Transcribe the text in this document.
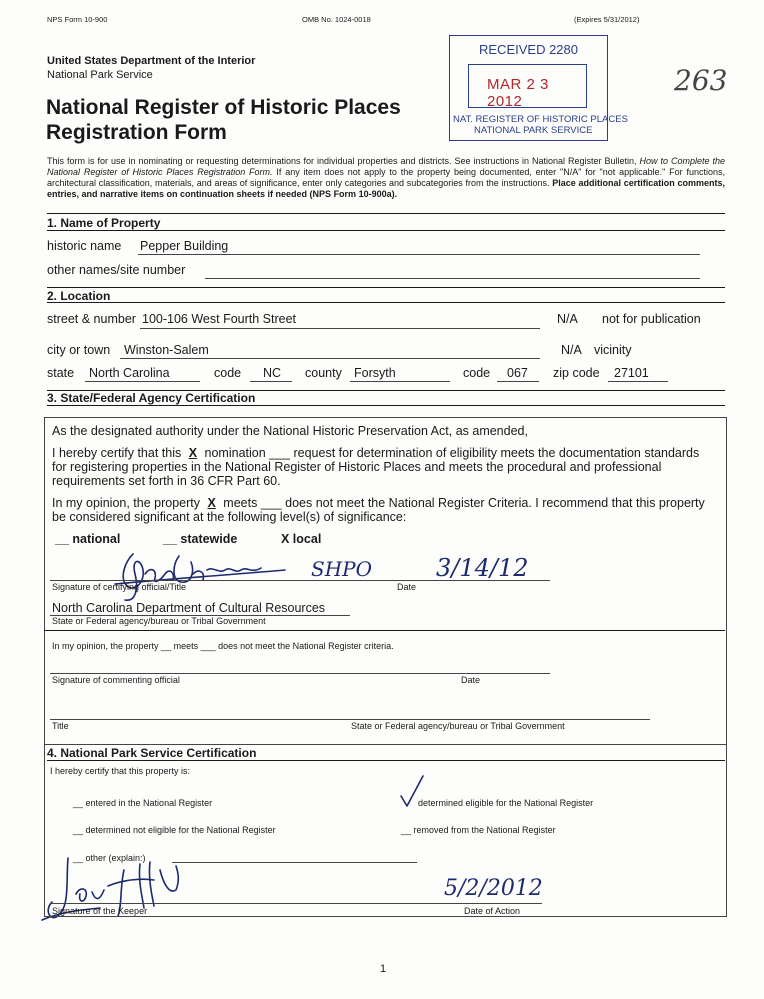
NPS Form 10-900	OMB No. 1024-0018	(Expires 5/31/2012)
United States Department of the Interior
National Park Service
National Register of Historic Places
Registration Form
RECEIVED 2280
MAR 2 3 2012
NAT. REGISTER OF HISTORIC PLACES
NATIONAL PARK SERVICE
263
This form is for use in nominating or requesting determinations for individual properties and districts. See instructions in National Register Bulletin, How to Complete the National Register of Historic Places Registration Form. If any item does not apply to the property being documented, enter "N/A" for "not applicable." For functions, architectural classification, materials, and areas of significance, enter only categories and subcategories from the instructions. Place additional certification comments, entries, and narrative items on continuation sheets if needed (NPS Form 10-900a).
1. Name of Property
historic name Pepper Building
other names/site number
2. Location
street & number 100-106 West Fourth Street	N/A not for publication
city or town Winston-Salem	N/A vicinity
state North Carolina	code NC county Forsyth	code 067 zip code 27101
3. State/Federal Agency Certification
As the designated authority under the National Historic Preservation Act, as amended,
I hereby certify that this X nomination ___ request for determination of eligibility meets the documentation standards
for registering properties in the National Register of Historic Places and meets the procedural and professional
requirements set forth in 36 CFR Part 60.
In my opinion, the property X meets ___ does not meet the National Register Criteria. I recommend that this property
be considered significant at the following level(s) of significance:
__ national	__ statewide	X local
SHPO	3/14/12
Signature of certifying official/Title	Date
North Carolina Department of Cultural Resources
State or Federal agency/bureau or Tribal Government
In my opinion, the property __ meets ___ does not meet the National Register criteria.
Signature of commenting official	Date
Title	State or Federal agency/bureau or Tribal Government
4. National Park Service Certification
I hereby certify that this property is:
__ entered in the National Register
__ determined not eligible for the National Register
__ other (explain:)
determined eligible for the National Register
__ removed from the National Register
5/2/2012
Signature of the Keeper	Date of Action
1
